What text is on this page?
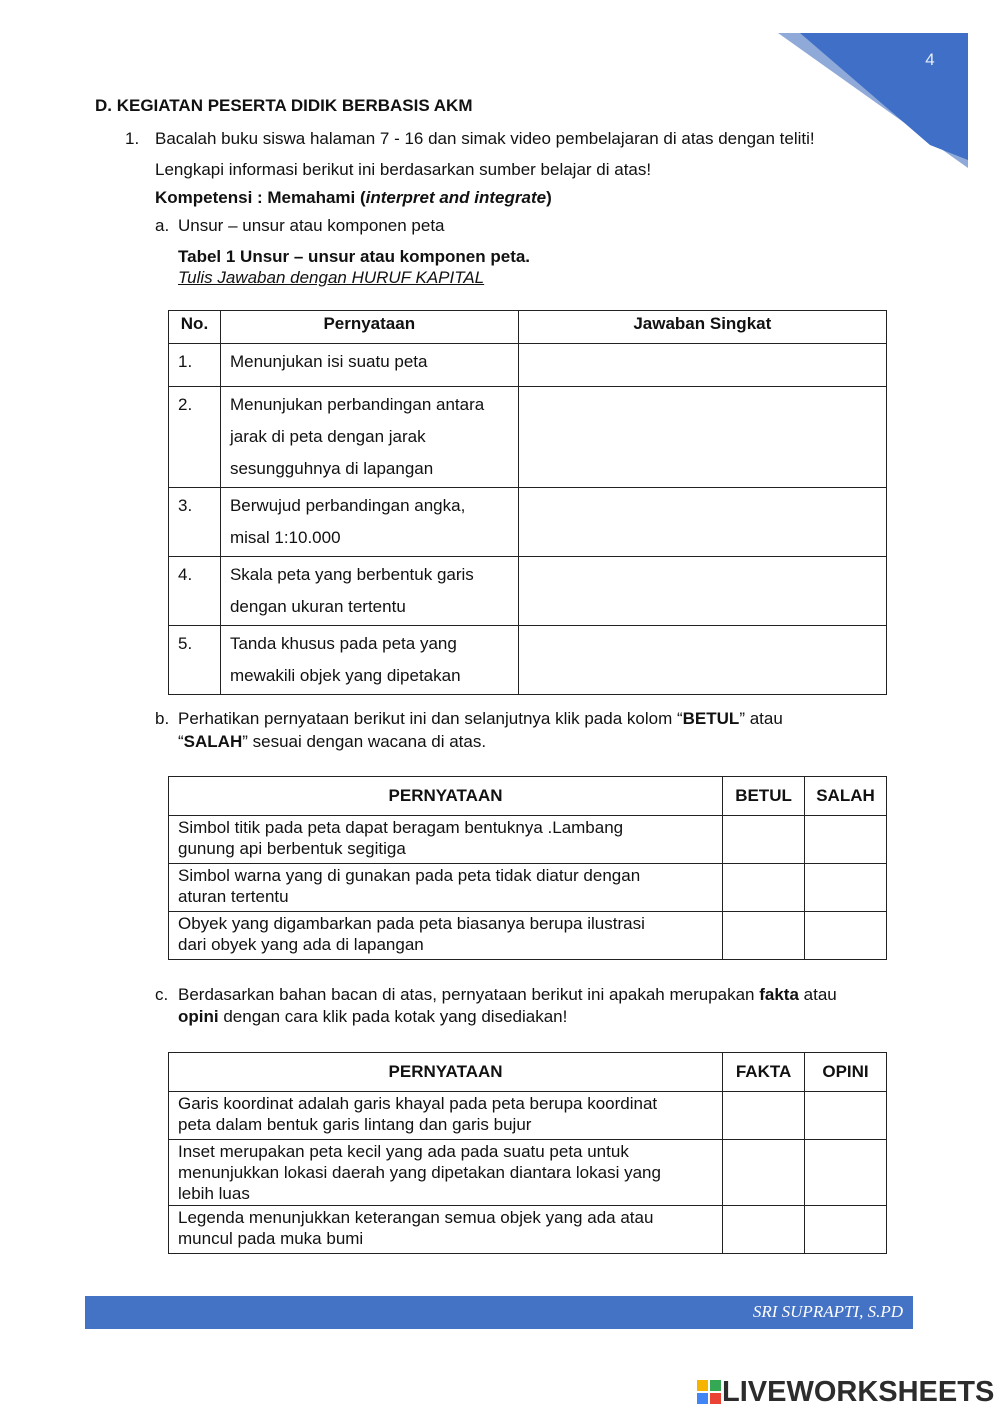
4
D. KEGIATAN PESERTA DIDIK BERBASIS AKM
1. Bacalah buku siswa halaman 7 - 16 dan simak video pembelajaran di atas dengan teliti!
Lengkapi informasi berikut ini berdasarkan sumber belajar di atas!
Kompetensi : Memahami (interpret and integrate)
a. Unsur – unsur atau komponen peta
Tabel 1 Unsur – unsur atau komponen peta.
Tulis Jawaban dengan HURUF KAPITAL
No.	Pernyataan	Jawaban Singkat
1.	Menunjukan isi suatu peta	

2.	Menunjukan perbandingan antara
jarak di peta dengan jarak
sesungguhnya di lapangan	

3.	Berwujud perbandingan angka,
misal 1:10.000	

4.	Skala peta yang berbentuk garis
dengan ukuran tertentu	

5.	Tanda khusus pada peta yang
mewakili objek yang dipetakan	

b. Perhatikan pernyataan berikut ini dan selanjutnya klik pada kolom “BETUL” atau
“SALAH” sesuai dengan wacana di atas.
PERNYATAAN	BETUL	SALAH

Simbol titik pada peta dapat beragam bentuknya .Lambang
gunung api berbentuk segitiga		

Simbol warna yang di gunakan pada peta tidak diatur dengan
aturan tertentu		

Obyek yang digambarkan pada peta biasanya berupa ilustrasi
dari obyek yang ada di lapangan		

c. Berdasarkan bahan bacan di atas, pernyataan berikut ini apakah merupakan fakta atau
opini dengan cara klik pada kotak yang disediakan!
PERNYATAAN	FAKTA	OPINI

Garis koordinat adalah garis khayal pada peta berupa koordinat
peta dalam bentuk garis lintang dan garis bujur		

Inset merupakan peta kecil yang ada pada suatu peta untuk
menunjukkan lokasi daerah yang dipetakan diantara lokasi yang
lebih luas		

Legenda menunjukkan keterangan semua objek yang ada atau
muncul pada muka bumi		

SRI SUPRAPTI, S.PD
LIVEWORKSHEETS
